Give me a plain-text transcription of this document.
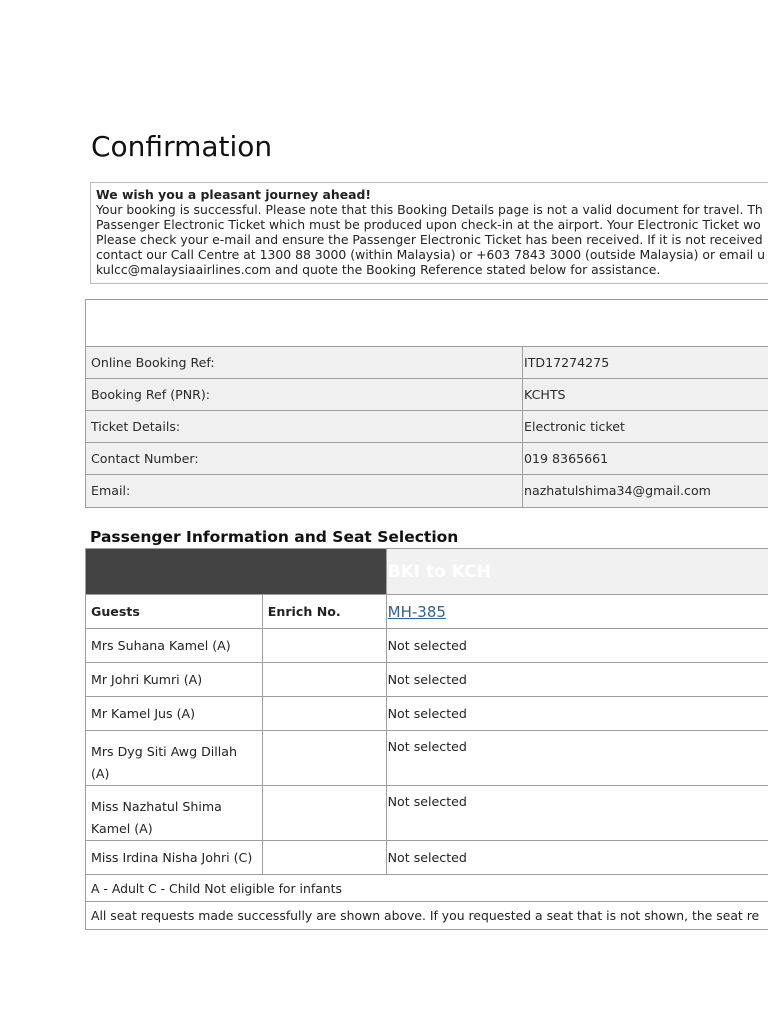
Confirmation
We wish you a pleasant journey ahead!
Your booking is successful. Please note that this Booking Details page is not a valid document for travel. Th
Passenger Electronic Ticket which must be produced upon check-in at the airport. Your Electronic Ticket wo
Please check your e-mail and ensure the Passenger Electronic Ticket has been received. If it is not received
contact our Call Centre at 1300 88 3000 (within Malaysia) or +603 7843 3000 (outside Malaysia) or email u
kulcc@malaysiaairlines.com and quote the Booking Reference stated below for assistance.
Online Booking Ref:	ITD17274275
Booking Ref (PNR):	KCHTS
Ticket Details:	Electronic ticket
Contact Number:	019 8365661
Email:	nazhatulshima34@gmail.com
Passenger Information and Seat Selection
		BKI to KCH
Guests	Enrich No.	MH-385
Mrs Suhana Kamel (A)		Not selected
Mr Johri Kumri (A)		Not selected
Mr Kamel Jus (A)		Not selected
Mrs Dyg Siti Awg Dillah (A)		Not selected
Miss Nazhatul Shima Kamel (A)		Not selected
Miss Irdina Nisha Johri (C)		Not selected
A - Adult C - Child Not eligible for infants		
All seat requests made successfully are shown above. If you requested a seat that is not shown, the seat re		
